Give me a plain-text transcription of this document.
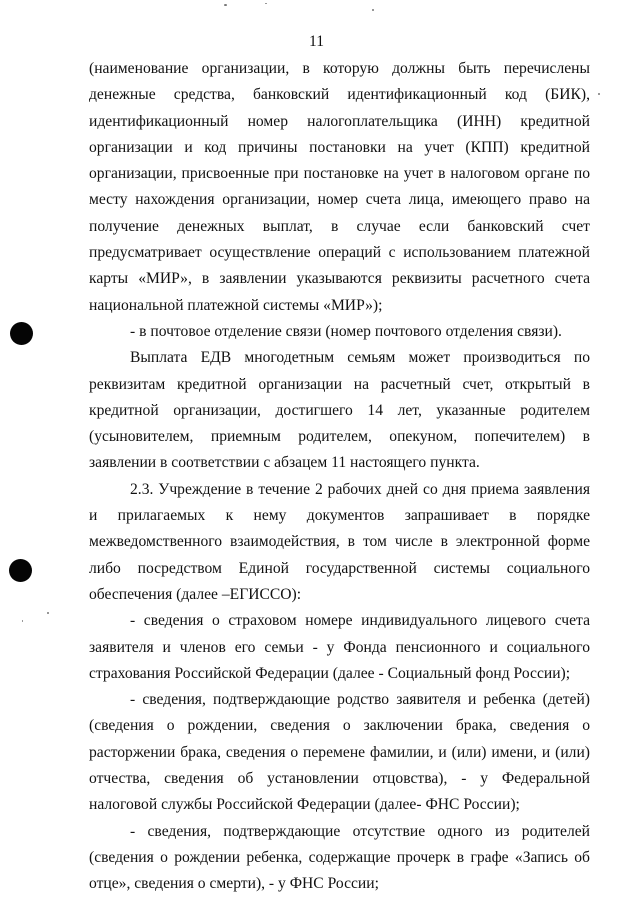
11

(наименование организации, в которую должны быть перечислены денежные средства, банковский идентификационный код (БИК), идентификационный номер налогоплательщика (ИНН) кредитной организации и код причины постановки на учет (КПП) кредитной организации, присвоенные при постановке на учет в налоговом органе по месту нахождения организации, номер счета лица, имеющего право на получение денежных выплат, в случае если банковский счет предусматривает осуществление операций с использованием платежной карты «МИР», в заявлении указываются реквизиты расчетного счета национальной платежной системы «МИР»);

- в почтовое отделение связи (номер почтового отделения связи).

Выплата ЕДВ многодетным семьям может производиться по реквизитам кредитной организации на расчетный счет, открытый в кредитной организации, достигшего 14 лет, указанные родителем (усыновителем, приемным родителем, опекуном, попечителем) в заявлении в соответствии с абзацем 11 настоящего пункта.

2.3. Учреждение в течение 2 рабочих дней со дня приема заявления и прилагаемых к нему документов запрашивает в порядке межведомственного взаимодействия, в том числе в электронной форме либо посредством Единой государственной системы социального обеспечения (далее –ЕГИССО):

- сведения о страховом номере индивидуального лицевого счета заявителя и членов его семьи - у Фонда пенсионного и социального страхования Российской Федерации (далее - Социальный фонд России);

- сведения, подтверждающие родство заявителя и ребенка (детей) (сведения о рождении, сведения о заключении брака, сведения о расторжении брака, сведения о перемене фамилии, и (или) имени, и (или) отчества, сведения об установлении отцовства), - у Федеральной налоговой службы Российской Федерации (далее- ФНС России);

- сведения, подтверждающие отсутствие одного из родителей (сведения о рождении ребенка, содержащие прочерк в графе «Запись об отце», сведения о смерти), - у ФНС России;
